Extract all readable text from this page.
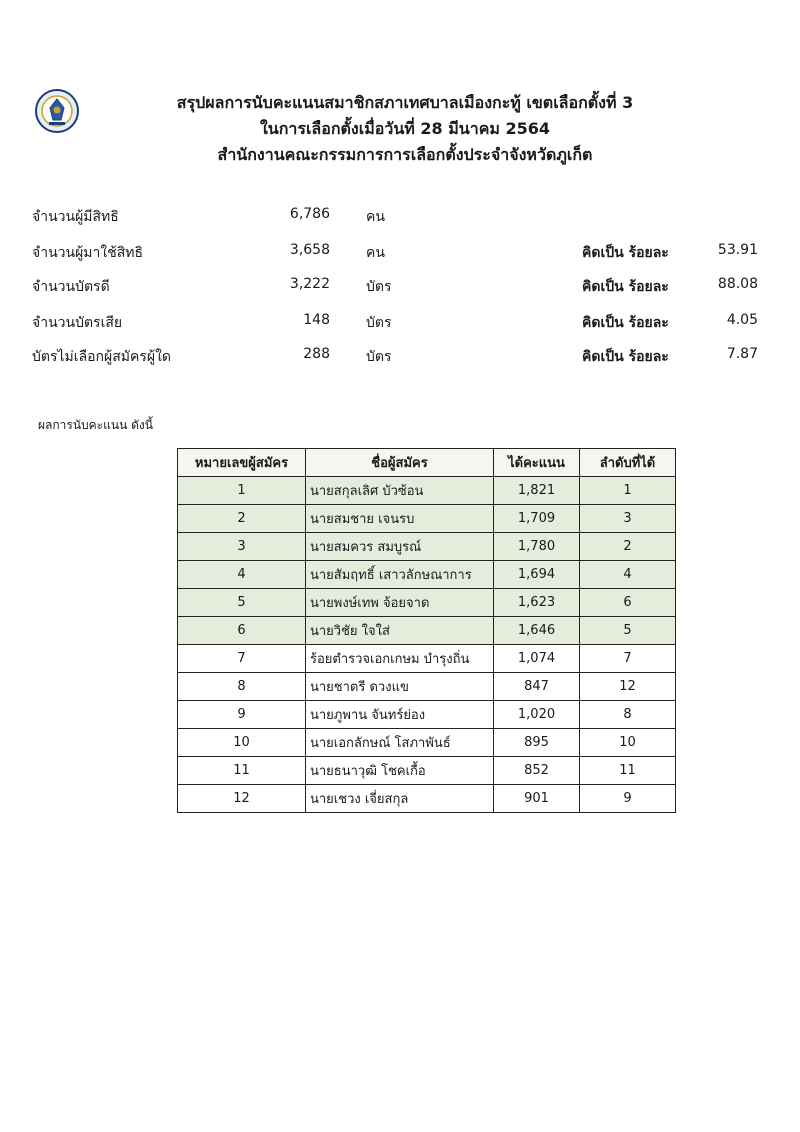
สรุปผลการนับคะแนนสมาชิกสภาเทศบาลเมืองกะทู้ เขตเลือกตั้งที่ 3
ในการเลือกตั้งเมื่อวันที่ 28 มีนาคม 2564
สำนักงานคณะกรรมการการเลือกตั้งประจำจังหวัดภูเก็ต
จำนวนผู้มีสิทธิ	6,786	คน
จำนวนผู้มาใช้สิทธิ	3,658	คน	คิดเป็น ร้อยละ	53.91
จำนวนบัตรดี	3,222	บัตร	คิดเป็น ร้อยละ	88.08
จำนวนบัตรเสีย	148	บัตร	คิดเป็น ร้อยละ	4.05
บัตรไม่เลือกผู้สมัครผู้ใด	288	บัตร	คิดเป็น ร้อยละ	7.87
ผลการนับคะแนน ดังนี้
หมายเลขผู้สมัคร	ชื่อผู้สมัคร	ได้คะแนน	ลำดับที่ได้
1	นายสกุลเลิศ บัวซ้อน	1,821	1
2	นายสมชาย เจนรบ	1,709	3
3	นายสมควร สมบูรณ์	1,780	2
4	นายสัมฤทธิ์ เสาวลักษณาการ	1,694	4
5	นายพงษ์เทพ จ้อยจาด	1,623	6
6	นายวิชัย ใจใส่	1,646	5
7	ร้อยตำรวจเอกเกษม บำรุงถิ่น	1,074	7
8	นายชาตรี ดวงแข	847	12
9	นายภูพาน จันทร์ย่อง	1,020	8
10	นายเอกลักษณ์ โสภาพันธ์	895	10
11	นายธนาวุฒิ โชคเกื้อ	852	11
12	นายเชวง เจี่ยสกุล	901	9
